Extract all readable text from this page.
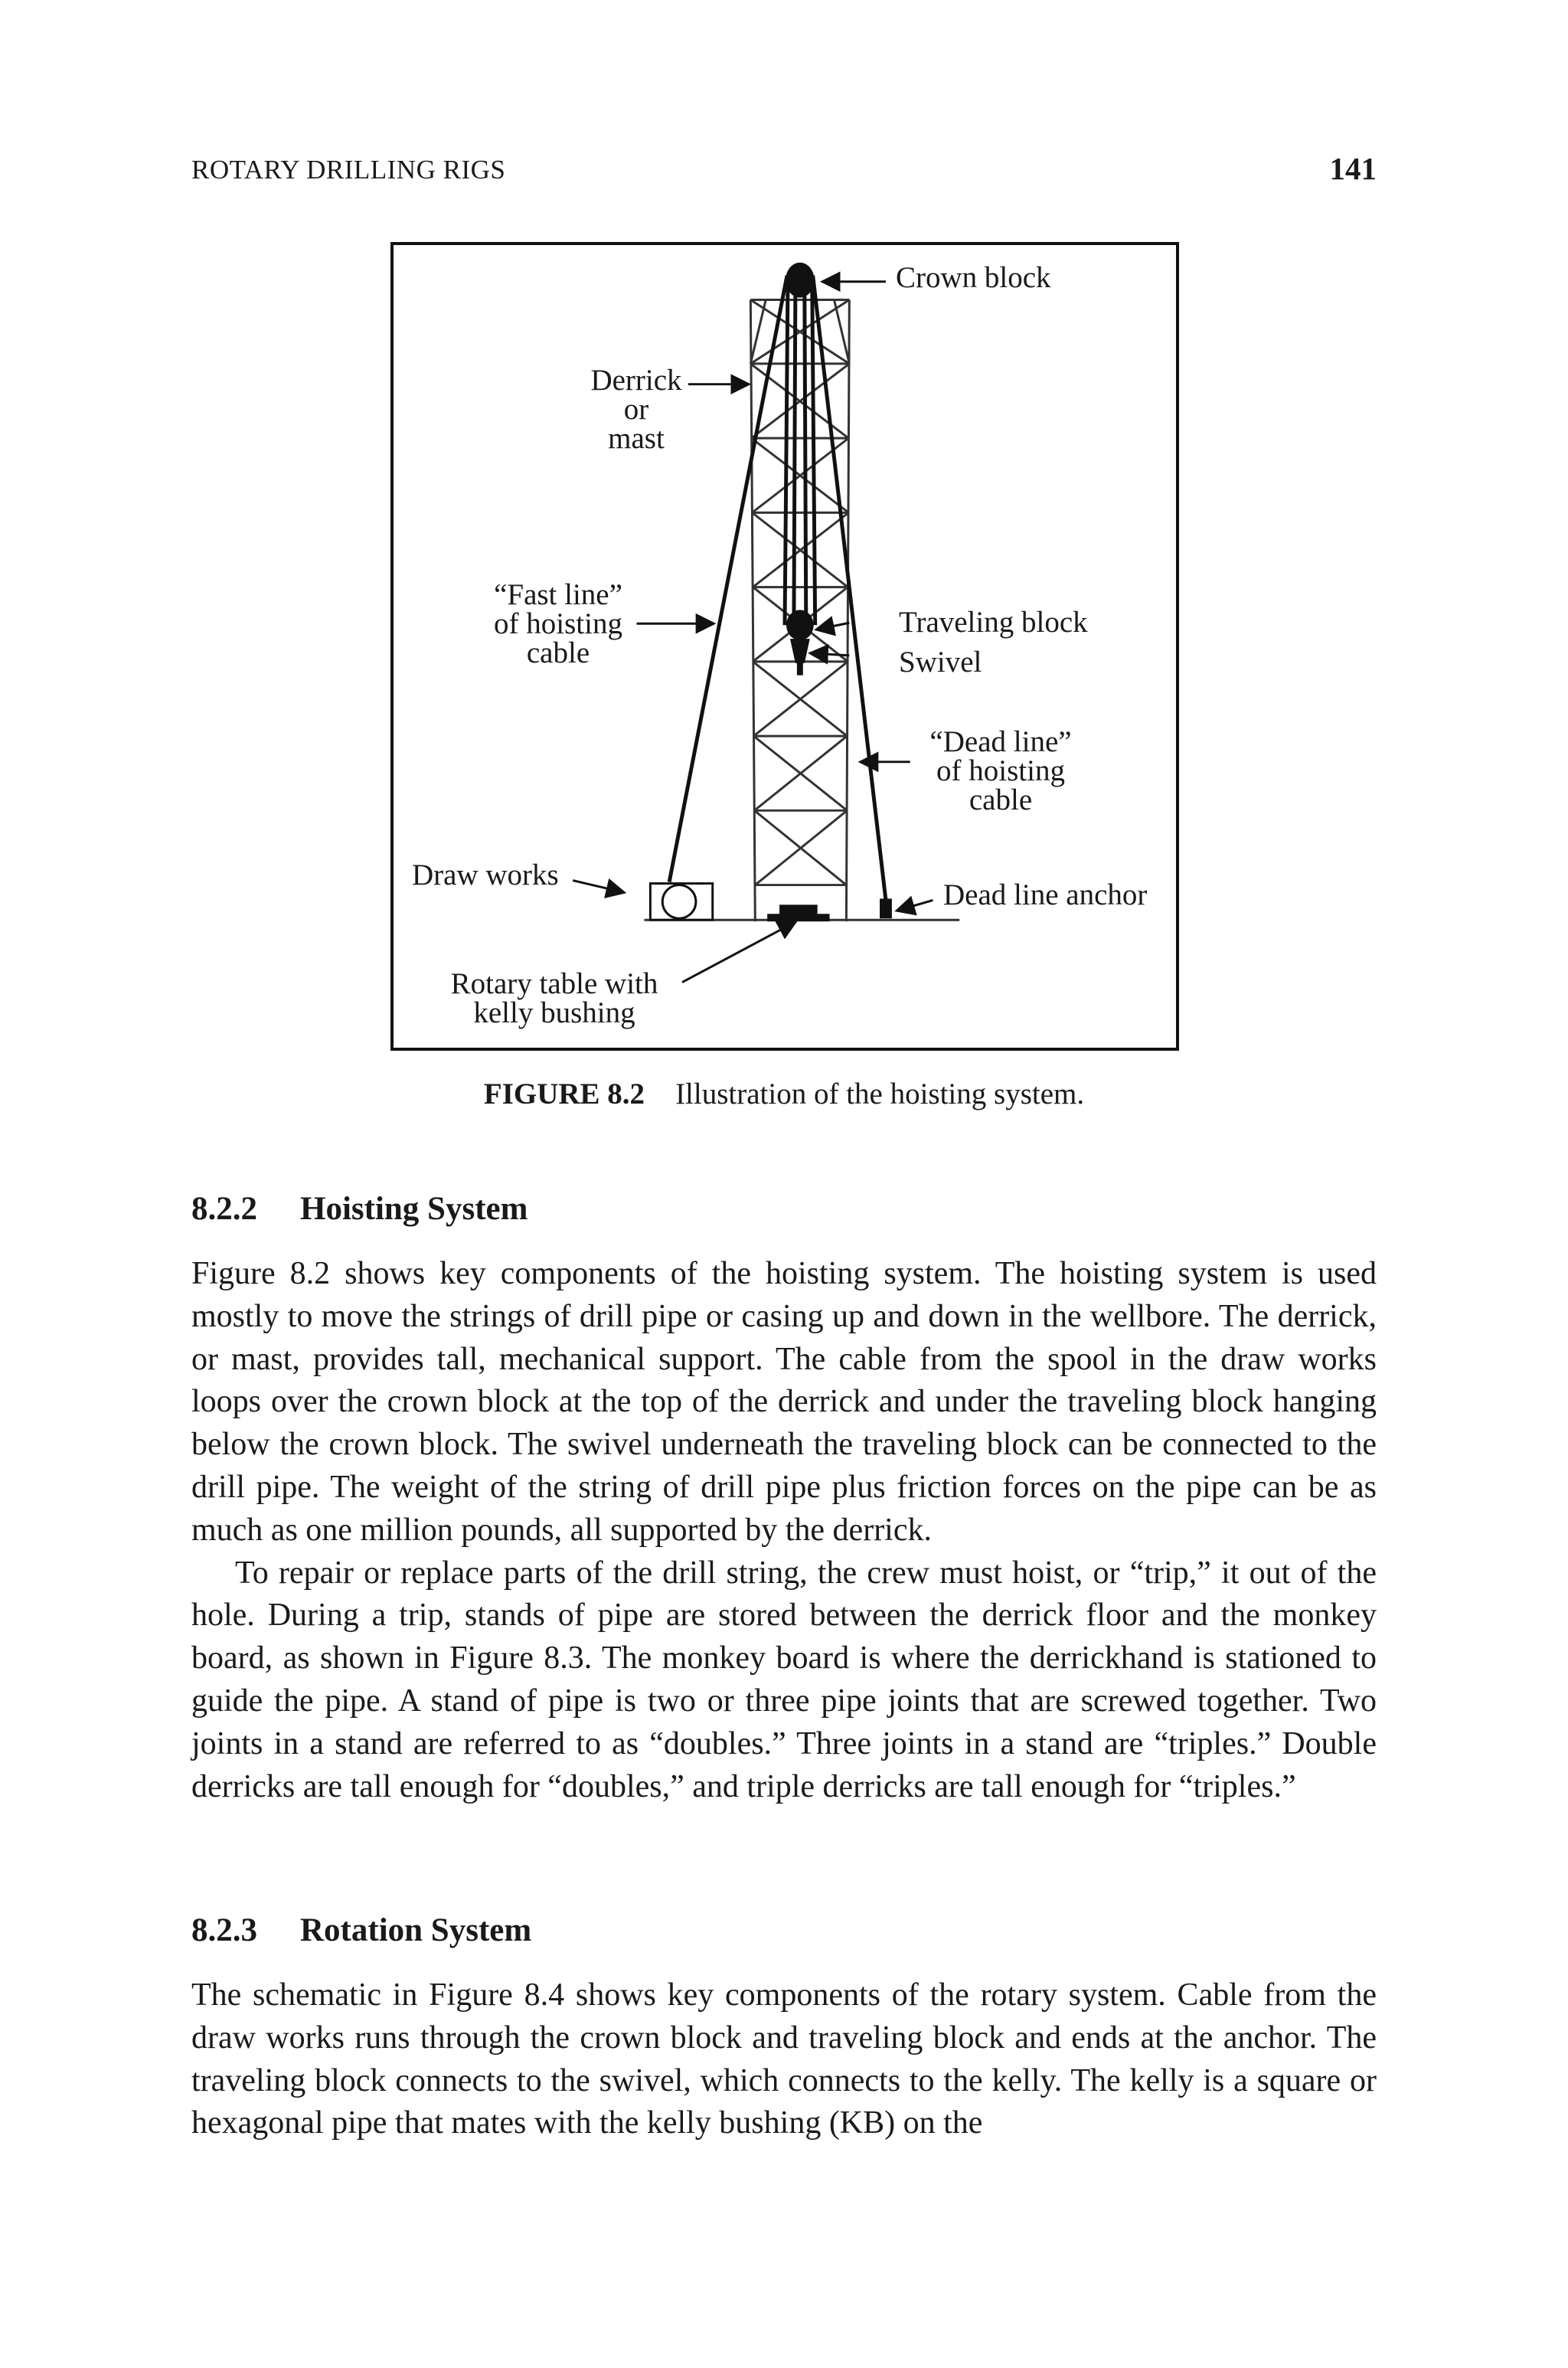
ROTARY DRILLING RIGS	141
Crown block
Derrick
or
mast
“Fast line”
of hoisting
cable
Traveling block
Swivel
“Dead line”
of hoisting
cable
Draw works
Dead line anchor
Rotary table with
kelly bushing
FIGURE 8.2 Illustration of the hoisting system.
8.2.2 Hoisting System

Figure 8.2 shows key components of the hoisting system. The hoisting system is used mostly to move the strings of drill pipe or casing up and down in the wellbore. The derrick, or mast, provides tall, mechanical support. The cable from the spool in the draw works loops over the crown block at the top of the derrick and under the traveling block hanging below the crown block. The swivel underneath the traveling block can be connected to the drill pipe. The weight of the string of drill pipe plus friction forces on the pipe can be as much as one million pounds, all supported by the derrick.

To repair or replace parts of the drill string, the crew must hoist, or “trip,” it out of the hole. During a trip, stands of pipe are stored between the derrick floor and the monkey board, as shown in Figure 8.3. The monkey board is where the derrickhand is stationed to guide the pipe. A stand of pipe is two or three pipe joints that are screwed together. Two joints in a stand are referred to as “doubles.” Three joints in a stand are “triples.” Double derricks are tall enough for “doubles,” and triple derricks are tall enough for “triples.”

8.2.3 Rotation System

The schematic in Figure 8.4 shows key components of the rotary system. Cable from the draw works runs through the crown block and traveling block and ends at the anchor. The traveling block connects to the swivel, which connects to the kelly. The kelly is a square or hexagonal pipe that mates with the kelly bushing (KB) on the
